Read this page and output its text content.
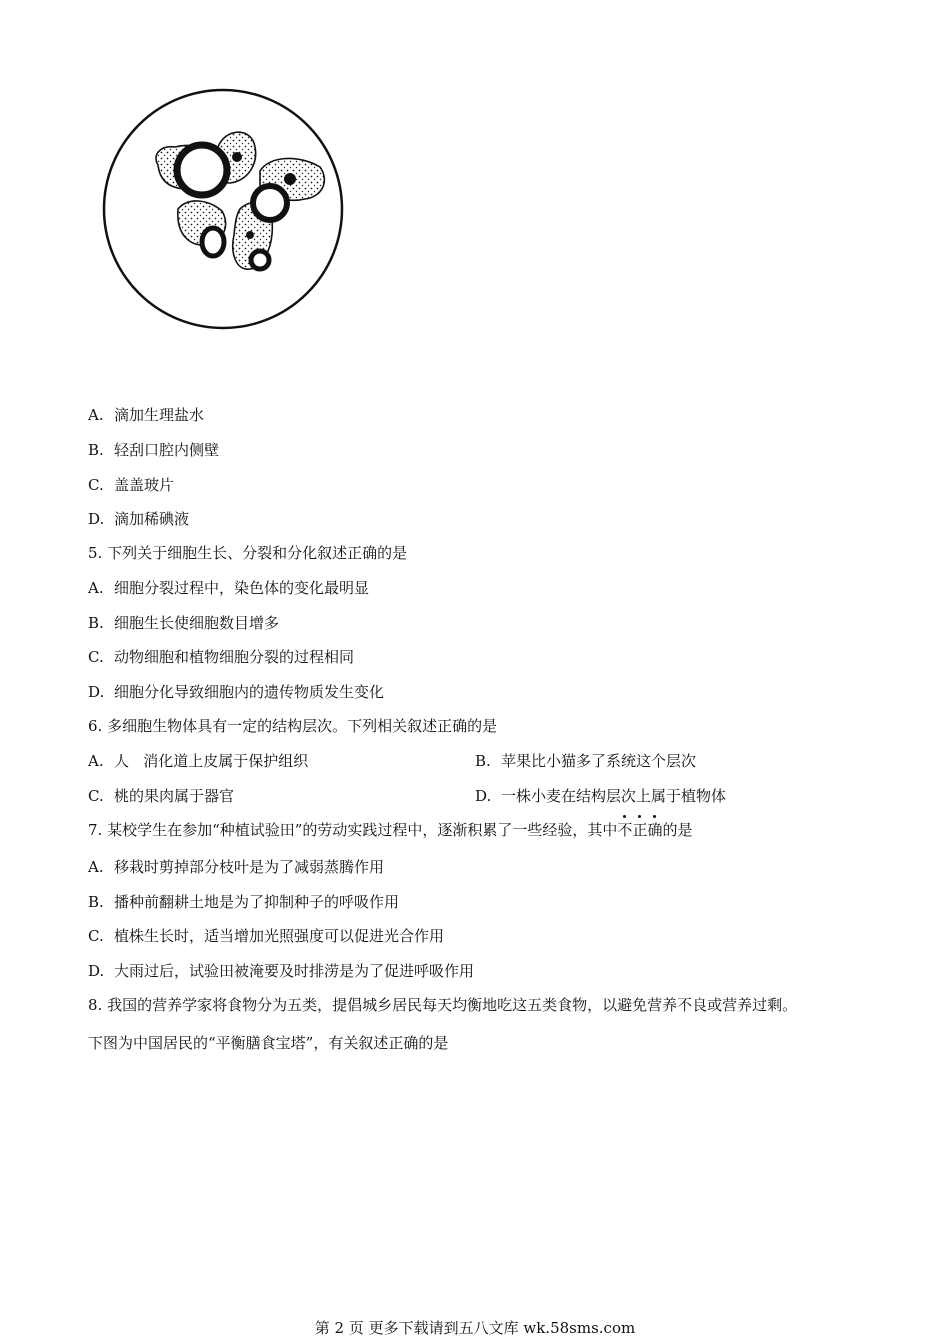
A. 滴加生理盐水
B. 轻刮口腔内侧壁
C. 盖盖玻片
D. 滴加稀碘液
5. 下列关于细胞生长、分裂和分化叙述正确的是
A. 细胞分裂过程中，染色体的变化最明显
B. 细胞生长使细胞数目增多
C. 动物细胞和植物细胞分裂的过程相同
D. 细胞分化导致细胞内的遗传物质发生变化
6. 多细胞生物体具有一定的结构层次。下列相关叙述正确的是
A. 人   消化道上皮属于保护组织	B. 苹果比小猫多了系统这个层次
C. 桃的果肉属于器官	D. 一株小麦在结构层次上属于植物体
7. 某校学生在参加“种植试验田”的劳动实践过程中，逐渐积累了一些经验，其中不正确的是
A. 移栽时剪掉部分枝叶是为了减弱蒸腾作用
B. 播种前翻耕土地是为了抑制种子的呼吸作用
C. 植株生长时，适当增加光照强度可以促进光合作用
D. 大雨过后，试验田被淹要及时排涝是为了促进呼吸作用
8. 我国的营养学家将食物分为五类，提倡城乡居民每天均衡地吃这五类食物，以避免营养不良或营养过剩。
下图为中国居民的“平衡膳食宝塔”，有关叙述正确的是
第 2 页 更多下载请到五八文库 wk.58sms.com
